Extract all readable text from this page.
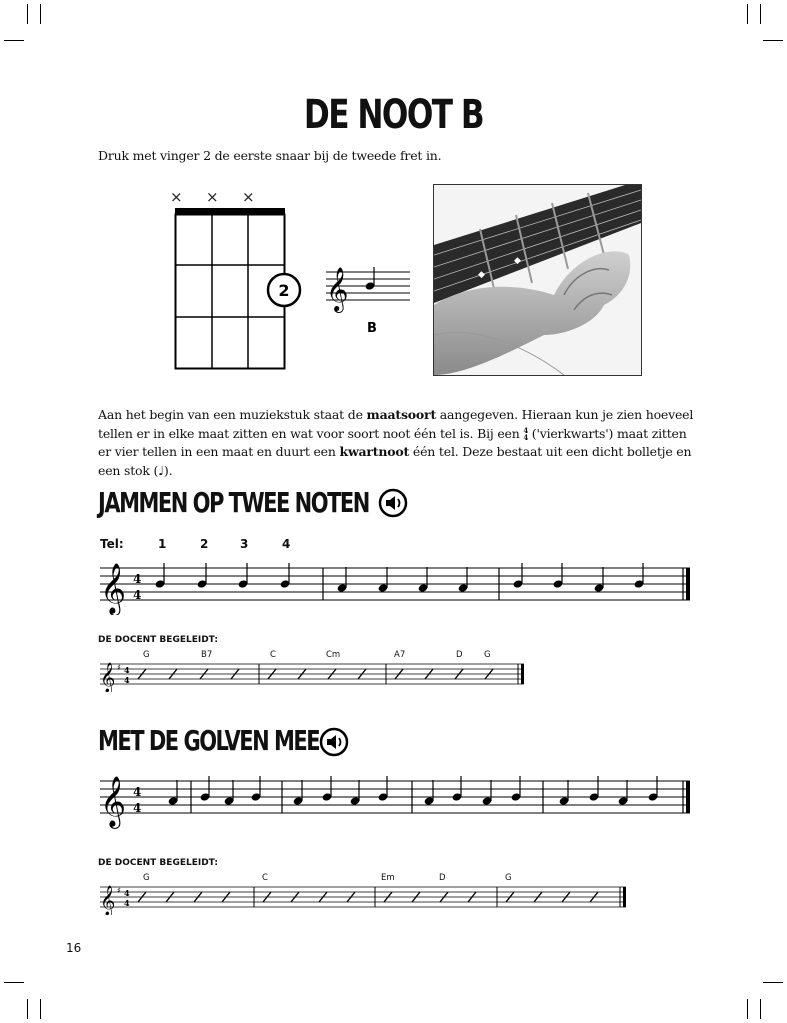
DE NOOT B
Druk met vinger 2 de eerste snaar bij de tweede fret in.
× × ×
2 𝄞
B
◆
◆
Aan het begin van een muziekstuk staat de maatsoort aangegeven. Hieraan kun je zien hoeveel tellen er in elke maat zitten en wat voor soort noot één tel is. Bij een 4
4 ('vierkwarts') maat zitten er vier tellen in een maat en duurt een kwartnoot één tel. Deze bestaat uit een dicht bolletje en een stok (♩).
JAMMEN OP TWEE NOTEN
Tel:	1	2	3	4
𝄞 4
4
DE DOCENT BEGELEIDT:
G	B7	C	Cm	A7	D	G
𝄞 ♯ 4
4
MET DE GOLVEN MEE
𝄞 4
4
DE DOCENT BEGELEIDT:
G	C	Em	D	G
𝄞 ♯ 4
4
16
